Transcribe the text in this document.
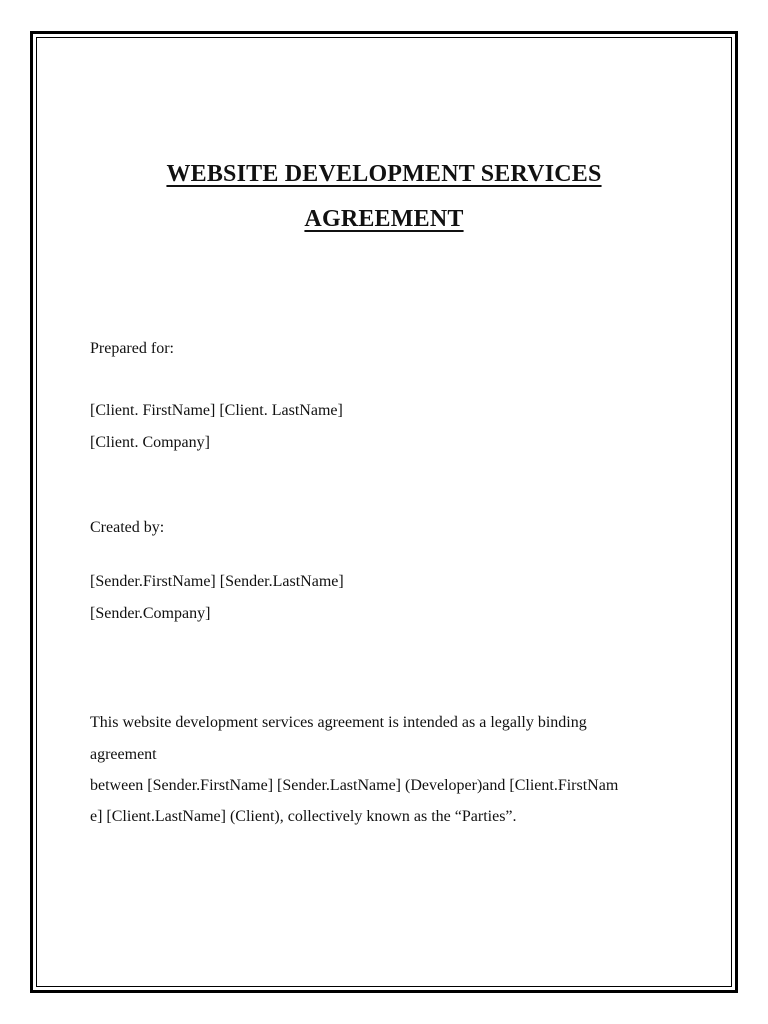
WEBSITE DEVELOPMENT SERVICES
AGREEMENT

Prepared for:

[Client. FirstName] [Client. LastName]

[Client. Company]

Created by:

[Sender.FirstName] [Sender.LastName]

[Sender.Company]

This website development services agreement is intended as a legally binding

agreement

between [Sender.FirstName] [Sender.LastName] (Developer)and [Client.FirstNam

e] [Client.LastName] (Client), collectively known as the “Parties”.
